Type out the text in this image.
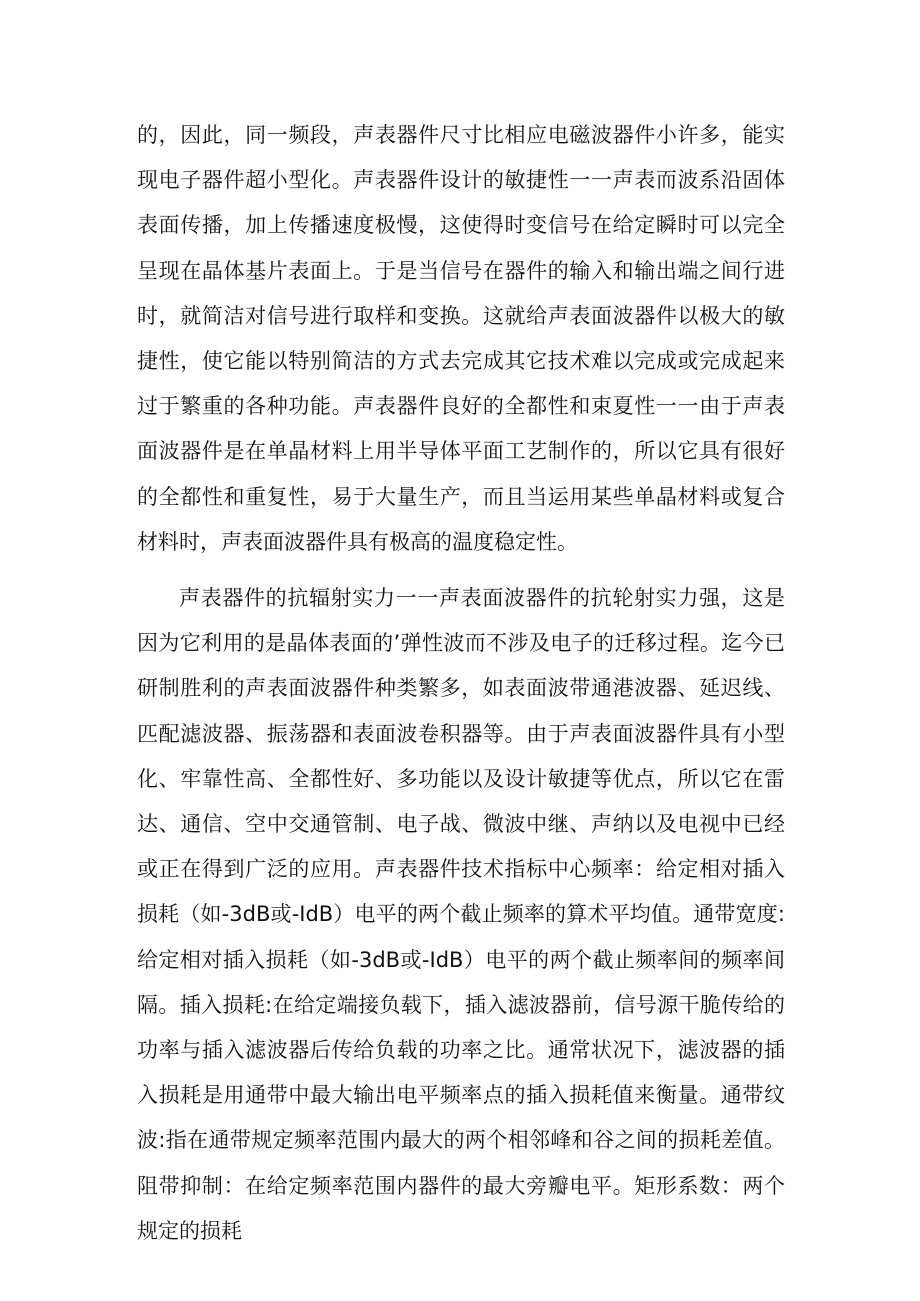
的，因此，同一频段，声表器件尺寸比相应电磁波器件小许多，能实现电子器件超小型化。声表器件设计的敏捷性一一声表而波系沿固体表面传播，加上传播速度极慢，这使得时变信号在给定瞬时可以完全呈现在晶体基片表面上。于是当信号在器件的输入和输出端之间行进时，就简洁对信号进行取样和变换。这就给声表面波器件以极大的敏捷性，使它能以特别简洁的方式去完成其它技术难以完成或完成起来过于繁重的各种功能。声表器件良好的全都性和束夏性一一由于声表面波器件是在单晶材料上用半导体平面工艺制作的，所以它具有很好的全都性和重复性，易于大量生产，而且当运用某些单晶材料或复合材料时，声表面波器件具有极高的温度稳定性。

声表器件的抗辐射实力一一声表面波器件的抗轮射实力强，这是因为它利用的是晶体表面的’弹性波而不涉及电子的迁移过程。迄今已研制胜利的声表面波器件种类繁多，如表面波带通港波器、延迟线、匹配滤波器、振荡器和表面波卷积器等。由于声表面波器件具有小型化、牢靠性高、全都性好、多功能以及设计敏捷等优点，所以它在雷达、通信、空中交通管制、电子战、微波中继、声纳以及电视中已经或正在得到广泛的应用。声表器件技术指标中心频率：给定相对插入损耗（如-3dB或-IdB）电平的两个截止频率的算术平均值。通带宽度:给定相对插入损耗（如-3dB或-IdB）电平的两个截止频率间的频率间隔。插入损耗:在给定端接负载下，插入滤波器前，信号源干脆传给的功率与插入滤波器后传给负载的功率之比。通常状况下，滤波器的插入损耗是用通带中最大输出电平频率点的插入损耗值来衡量。通带纹波:指在通带规定频率范围内最大的两个相邻峰和谷之间的损耗差值。阻带抑制：在给定频率范围内器件的最大旁瓣电平。矩形系数：两个规定的损耗
